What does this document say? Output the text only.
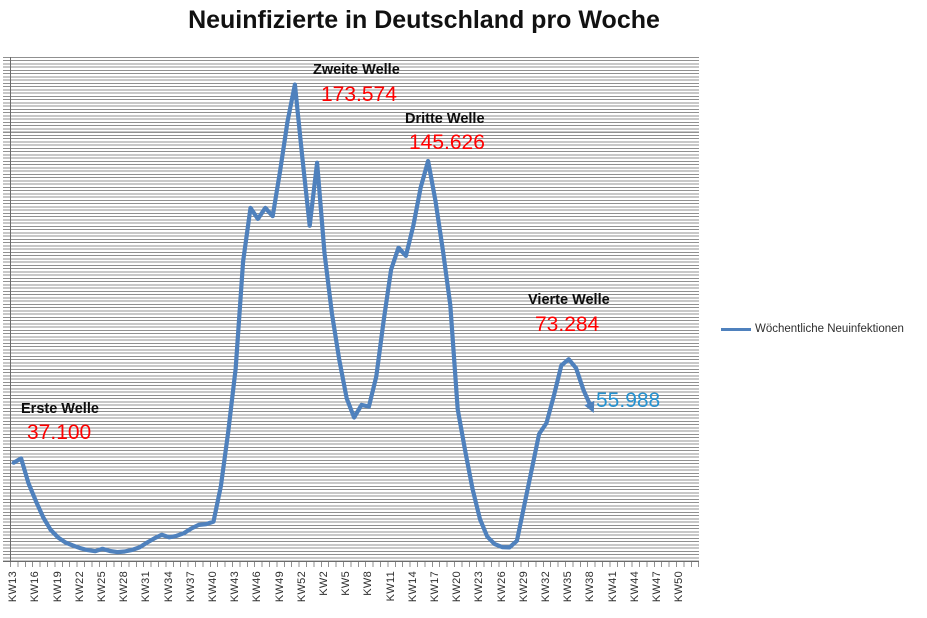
Neuinfizierte in Deutschland pro Woche
KW13 KW16 KW19 KW22 KW25 KW28 KW31 KW34 KW37 KW40 KW43 KW46 KW49 KW52 KW2 KW5 KW8 KW11 KW14 KW17 KW20 KW23 KW26 KW29 KW32 KW35 KW38 KW41 KW44 KW47 KW50
Erste Welle
37.100
Zweite Welle
173.574
Dritte Welle
145.626
Vierte Welle
73.284
55.988
Wöchentliche Neuinfektionen
